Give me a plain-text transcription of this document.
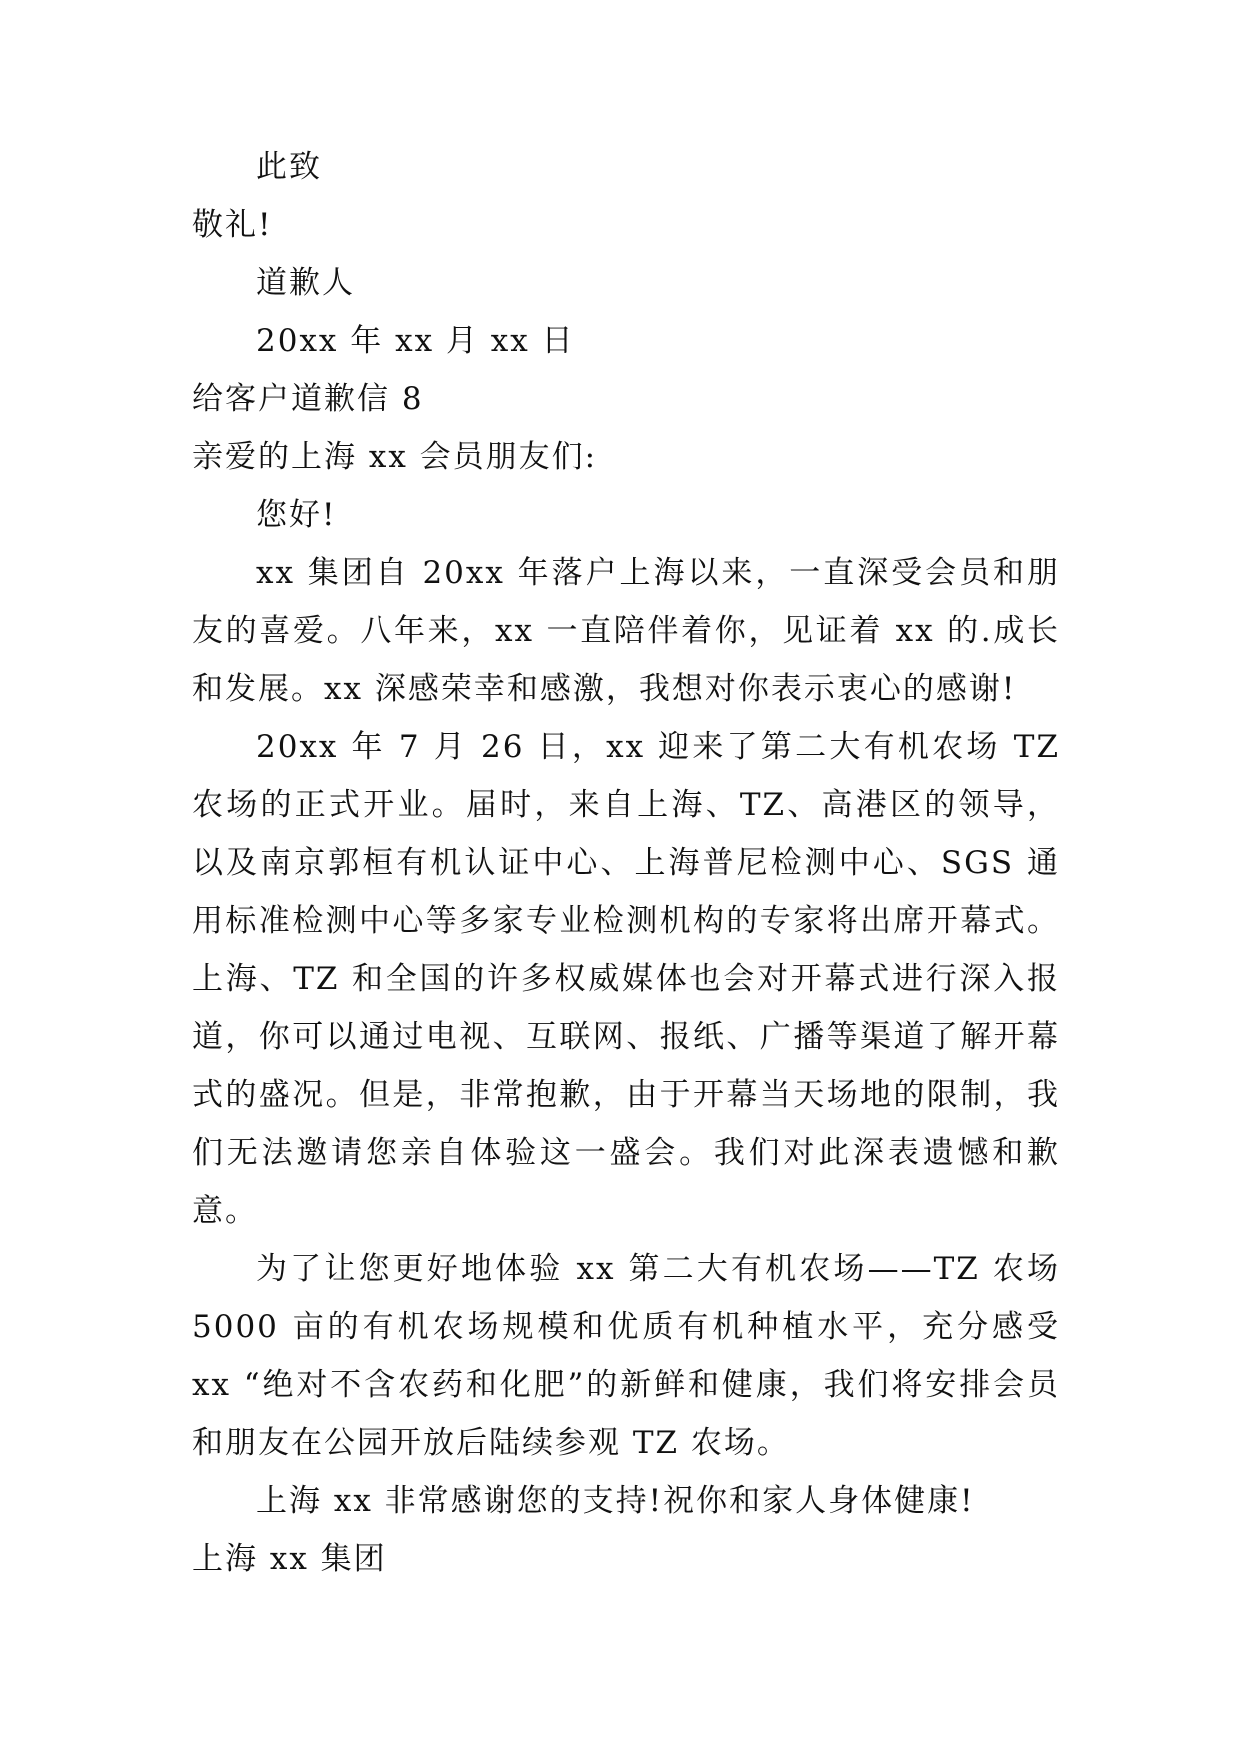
此致
敬礼!
道歉人
20xx 年 xx 月 xx 日
给客户道歉信 8
亲爱的上海 xx 会员朋友们:
您好!
xx 集团自 20xx 年落户上海以来，一直深受会员和朋友的喜爱。八年来，xx 一直陪伴着你，见证着 xx 的.成长和发展。xx 深感荣幸和感激，我想对你表示衷心的感谢!
20xx 年 7 月 26 日，xx 迎来了第二大有机农场 TZ 农场的正式开业。届时，来自上海、TZ、高港区的领导，以及南京郭桓有机认证中心、上海普尼检测中心、SGS 通用标准检测中心等多家专业检测机构的专家将出席开幕式。上海、TZ 和全国的许多权威媒体也会对开幕式进行深入报道，你可以通过电视、互联网、报纸、广播等渠道了解开幕式的盛况。但是，非常抱歉，由于开幕当天场地的限制，我们无法邀请您亲自体验这一盛会。我们对此深表遗憾和歉意。
为了让您更好地体验 xx 第二大有机农场——TZ 农场 5000 亩的有机农场规模和优质有机种植水平，充分感受 xx “绝对不含农药和化肥”的新鲜和健康，我们将安排会员和朋友在公园开放后陆续参观 TZ 农场。
上海 xx 非常感谢您的支持!祝你和家人身体健康!
上海 xx 集团
